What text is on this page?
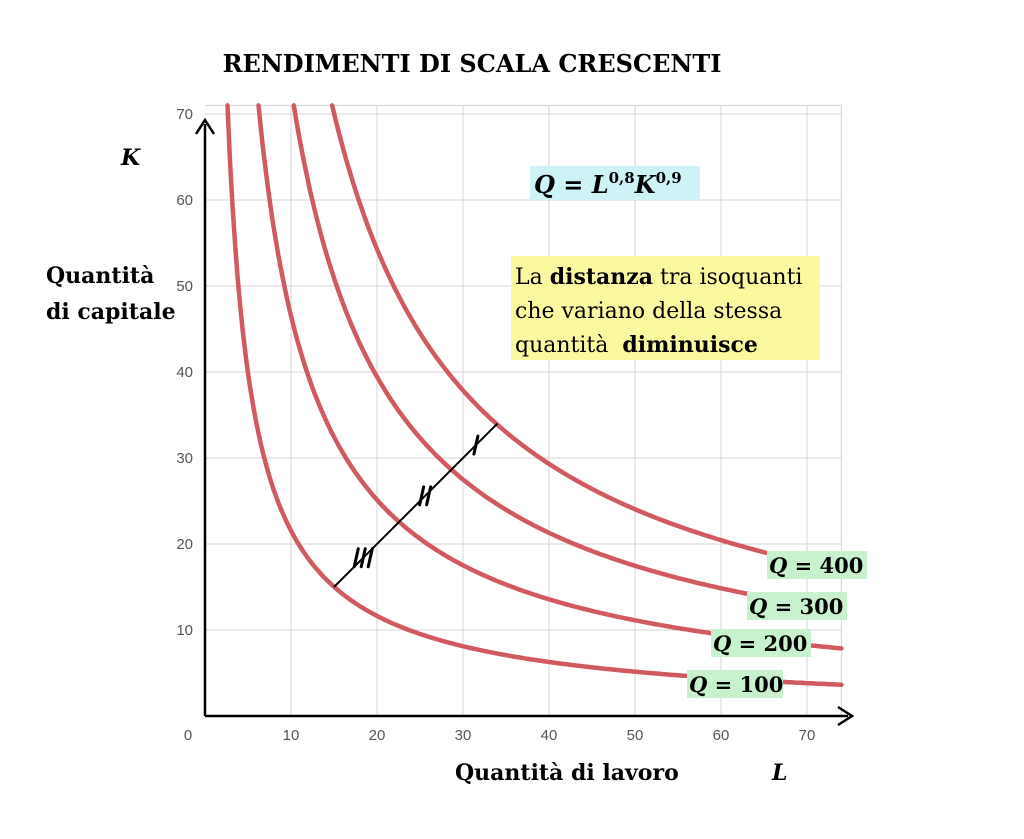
RENDIMENTI DI SCALA CRESCENTI
0	10	20	30	40	50	60	70
10
20
30
40
50
60
70
K
Quantità
di capitale
Quantità di lavoro	L
$Q = L^{0,8}K^{0,9}$
La distanza tra isoquanti
che variano della stessa
quantità  diminuisce
Q = 100
Q = 200
Q = 300
Q = 400
